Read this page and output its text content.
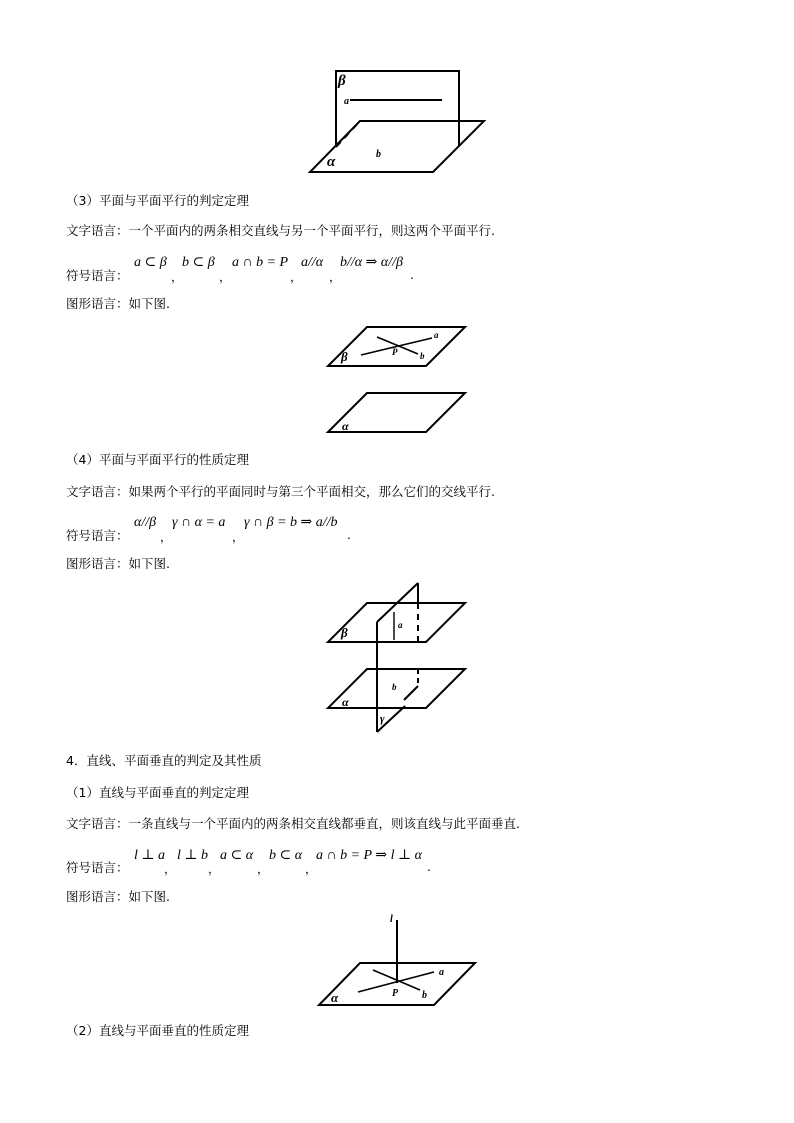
β
a
b
α
（3）平面与平面平行的判定定理
文字语言：一个平面内的两条相交直线与另一个平面平行，则这两个平面平行.
符号语言：
a ⊂ β
，
b ⊂ β
，
a ∩ b = P
，
a//α
，
b//α ⇒ α//β
.
图形语言：如下图.
β	P
a
b
α
（4）平面与平面平行的性质定理
文字语言：如果两个平行的平面同时与第三个平面相交，那么它们的交线平行.
符号语言：
α//β
，
γ ∩ α = a
，
γ ∩ β = b ⇒ a//b
.
图形语言：如下图.
β	a
b
α
γ
4．直线、平面垂直的判定及其性质
（1）直线与平面垂直的判定定理
文字语言：一条直线与一个平面内的两条相交直线都垂直，则该直线与此平面垂直.
符号语言：
l ⊥ a
，
l ⊥ b
，
a ⊂ α
，
b ⊂ α
，
a ∩ b = P ⇒ l ⊥ α
.
图形语言：如下图.
l
a
P b
α
（2）直线与平面垂直的性质定理
